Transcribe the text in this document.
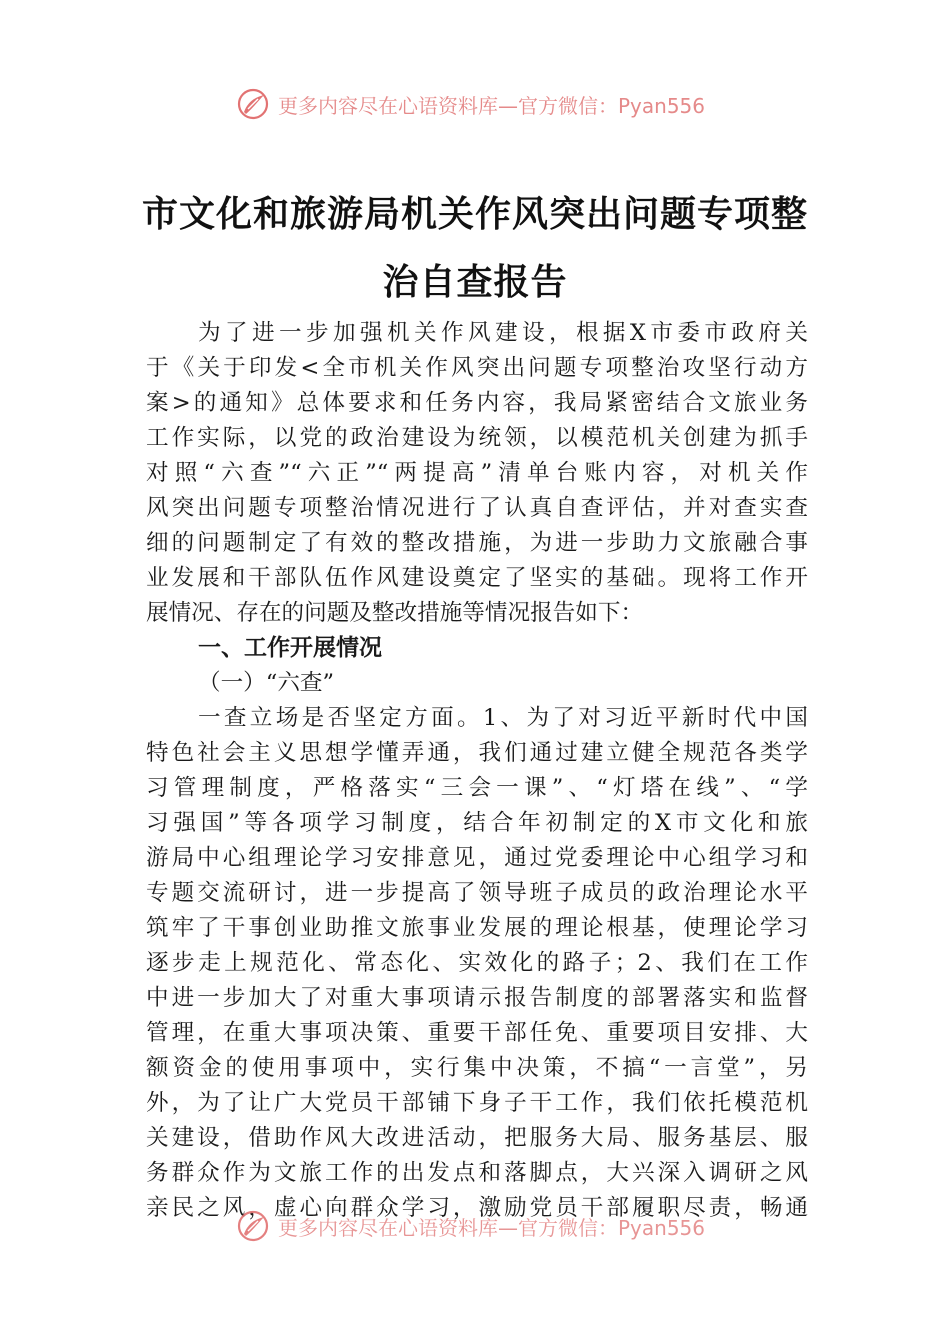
更多内容尽在心语资料库—官方微信：Pyan556
市文化和旅游局机关作风突出问题专项整
治自查报告
为了进一步加强机关作风建设，根据X市委市政府关
于《关于印发<全市机关作风突出问题专项整治攻坚行动方
案>的通知》总体要求和任务内容，我局紧密结合文旅业务
工作实际，以党的政治建设为统领，以模范机关创建为抓手
对照“六查”“六正”“两提高”清单台账内容，对机关作
风突出问题专项整治情况进行了认真自查评估，并对查实查
细的问题制定了有效的整改措施，为进一步助力文旅融合事
业发展和干部队伍作风建设奠定了坚实的基础。现将工作开
展情况、存在的问题及整改措施等情况报告如下：
一、工作开展情况
（一）“六查”
一查立场是否坚定方面。1、为了对习近平新时代中国
特色社会主义思想学懂弄通，我们通过建立健全规范各类学
习管理制度，严格落实“三会一课”、“灯塔在线”、“学
习强国”等各项学习制度，结合年初制定的X市文化和旅
游局中心组理论学习安排意见，通过党委理论中心组学习和
专题交流研讨，进一步提高了领导班子成员的政治理论水平
筑牢了干事创业助推文旅事业发展的理论根基，使理论学习
逐步走上规范化、常态化、实效化的路子；2、我们在工作
中进一步加大了对重大事项请示报告制度的部署落实和监督
管理，在重大事项决策、重要干部任免、重要项目安排、大
额资金的使用事项中，实行集中决策，不搞“一言堂”，另
外，为了让广大党员干部铺下身子干工作，我们依托模范机
关建设，借助作风大改进活动，把服务大局、服务基层、服
务群众作为文旅工作的出发点和落脚点，大兴深入调研之风
亲民之风，虚心向群众学习，激励党员干部履职尽责，畅通
更多内容尽在心语资料库—官方微信：Pyan556
